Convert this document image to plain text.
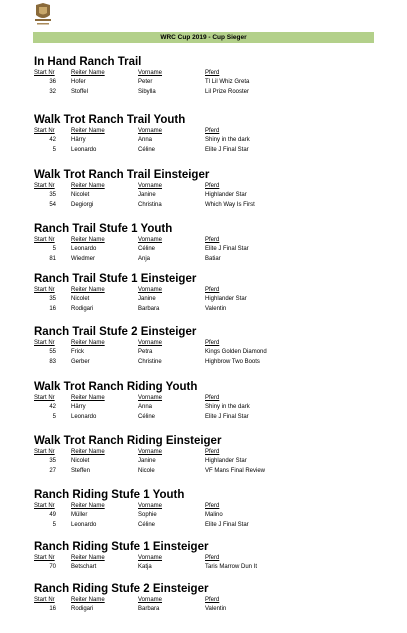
WRC Cup 2019 - Cup Sieger
In Hand Ranch Trail
Start Nr	Reiter Name	Vorname	Pferd
36	Hofer	Peter	Tl Lil Whiz Greta
32	Stoffel	Sibylla	Lil Prize Rooster
Walk Trot Ranch Trail Youth
Start Nr	Reiter Name	Vorname	Pferd
42	Härry	Anna	Shiny in the dark
5	Leonardo	Céline	Elite J Final Star
Walk Trot Ranch Trail Einsteiger
Start Nr	Reiter Name	Vorname	Pferd
35	Nicolet	Janine	Highlander Star
54	Degiorgi	Christina	Which Way Is First
Ranch Trail Stufe 1 Youth
Start Nr	Reiter Name	Vorname	Pferd
5	Leonardo	Céline	Elite J Final Star
81	Wiedmer	Anja	Batiar
Ranch Trail Stufe 1 Einsteiger
Start Nr	Reiter Name	Vorname	Pferd
35	Nicolet	Janine	Highlander Star
16	Rodigari	Barbara	Valentin
Ranch Trail Stufe 2 Einsteiger
Start Nr	Reiter Name	Vorname	Pferd
55	Frick	Petra	Kings Golden Diamond
83	Gerber	Christine	Highbrow Two Boots
Walk Trot Ranch Riding Youth
Start Nr	Reiter Name	Vorname	Pferd
42	Härry	Anna	Shiny in the dark
5	Leonardo	Céline	Elite J Final Star
Walk Trot Ranch Riding Einsteiger
Start Nr	Reiter Name	Vorname	Pferd
35	Nicolet	Janine	Highlander Star
27	Steffen	Nicole	VF Mans Final Review
Ranch Riding Stufe 1 Youth
Start Nr	Reiter Name	Vorname	Pferd
49	Müller	Sophie	Malino
5	Leonardo	Céline	Elite J Final Star
Ranch Riding Stufe 1 Einsteiger
Start Nr	Reiter Name	Vorname	Pferd
70	Betschart	Katja	Taris Marrow Dun It
Ranch Riding Stufe 2 Einsteiger
Start Nr	Reiter Name	Vorname	Pferd
16	Rodigari	Barbara	Valentin
